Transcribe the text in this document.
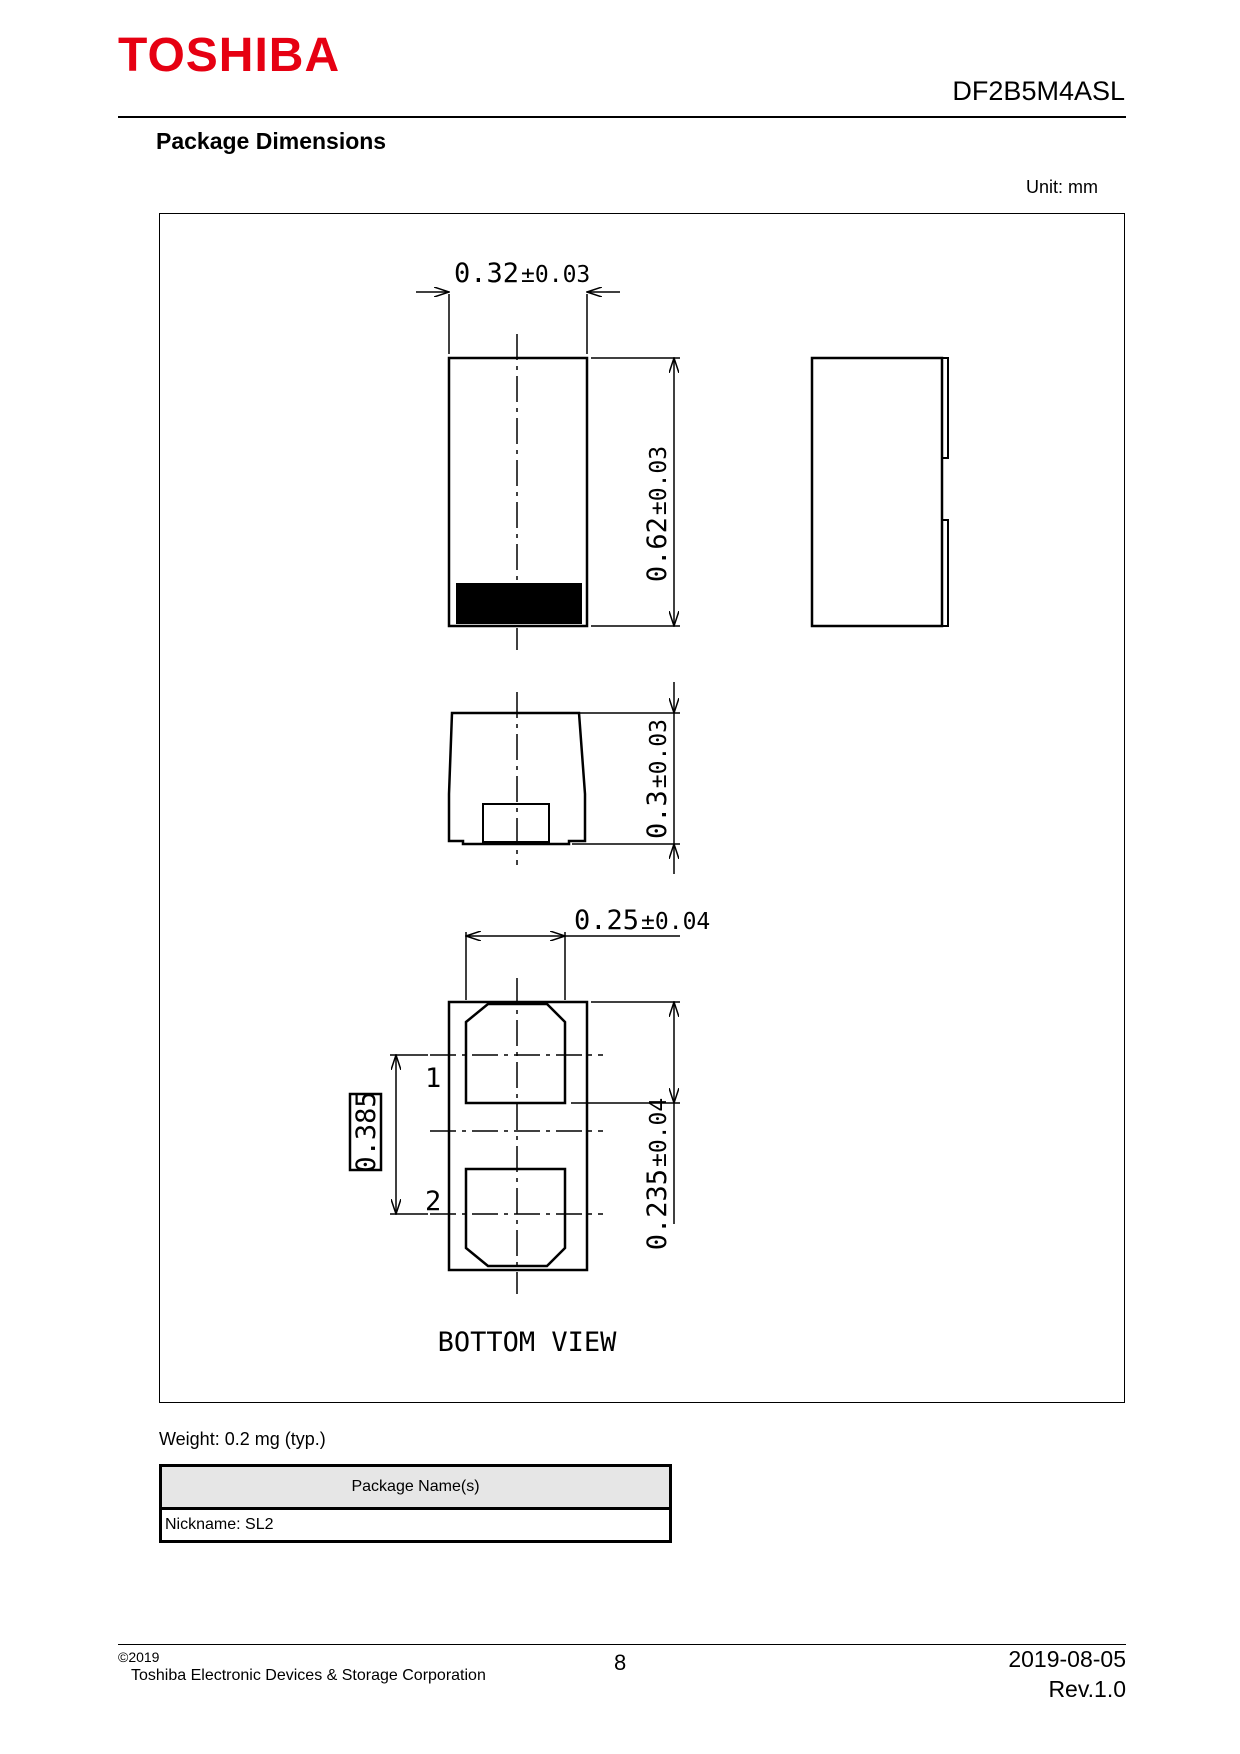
TOSHIBA
DF2B5M4ASL
Package Dimensions
Unit: mm
0.32±0.03
0.62±0.03
0.3±0.03
0.25±0.04
0.385
0.235±0.04
1
2
BOTTOM VIEW
Weight: 0.2 mg (typ.)
Package Name(s)
Nickname: SL2
©2019
Toshiba Electronic Devices & Storage Corporation
8	2019-08-05
Rev.1.0
